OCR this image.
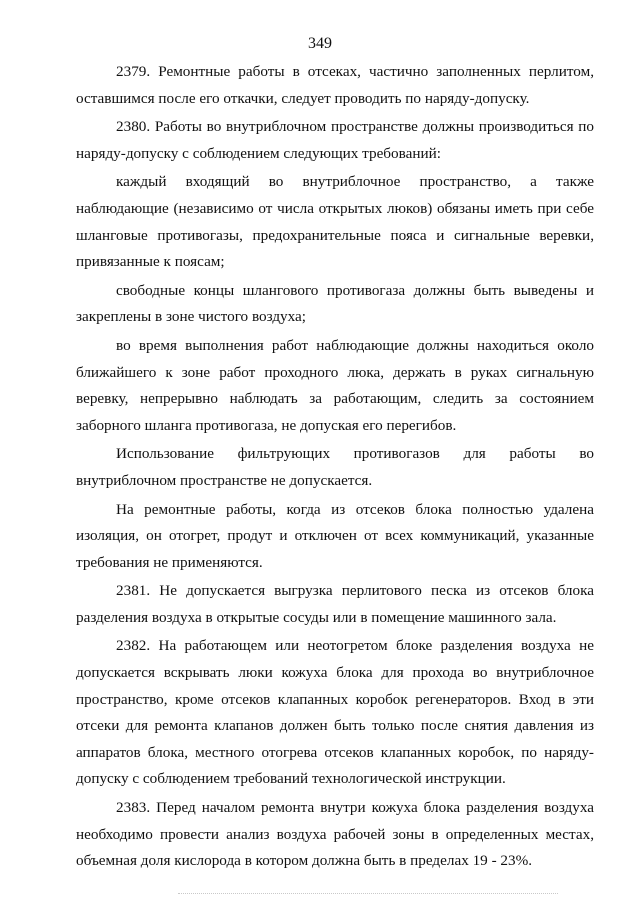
349

2379. Ремонтные работы в отсеках, частично заполненных перлитом, оставшимся после его откачки, следует проводить по наряду-допуску.

2380. Работы во внутриблочном пространстве должны производиться по наряду-допуску с соблюдением следующих требований:

каждый входящий во внутриблочное пространство, а также наблюдающие (независимо от числа открытых люков) обязаны иметь при себе шланговые противогазы, предохранительные пояса и сигнальные веревки, привязанные к поясам;

свободные концы шлангового противогаза должны быть выведены и закреплены в зоне чистого воздуха;

во время выполнения работ наблюдающие должны находиться около ближайшего к зоне работ проходного люка, держать в руках сигнальную веревку, непрерывно наблюдать за работающим, следить за состоянием заборного шланга противогаза, не допуская его перегибов.

Использование фильтрующих противогазов для работы во внутриблочном пространстве не допускается.

На ремонтные работы, когда из отсеков блока полностью удалена изоляция, он отогрет, продут и отключен от всех коммуникаций, указанные требования не применяются.

2381. Не допускается выгрузка перлитового песка из отсеков блока разделения воздуха в открытые сосуды или в помещение машинного зала.

2382. На работающем или неотогретом блоке разделения воздуха не допускается вскрывать люки кожуха блока для прохода во внутриблочное пространство, кроме отсеков клапанных коробок регенераторов. Вход в эти отсеки для ремонта клапанов должен быть только после снятия давления из аппаратов блока, местного отогрева отсеков клапанных коробок, по наряду-допуску с соблюдением требований технологической инструкции.

2383. Перед началом ремонта внутри кожуха блока разделения воздуха необходимо провести анализ воздуха рабочей зоны в определенных местах, объемная доля кислорода в котором должна быть в пределах 19 - 23%.
